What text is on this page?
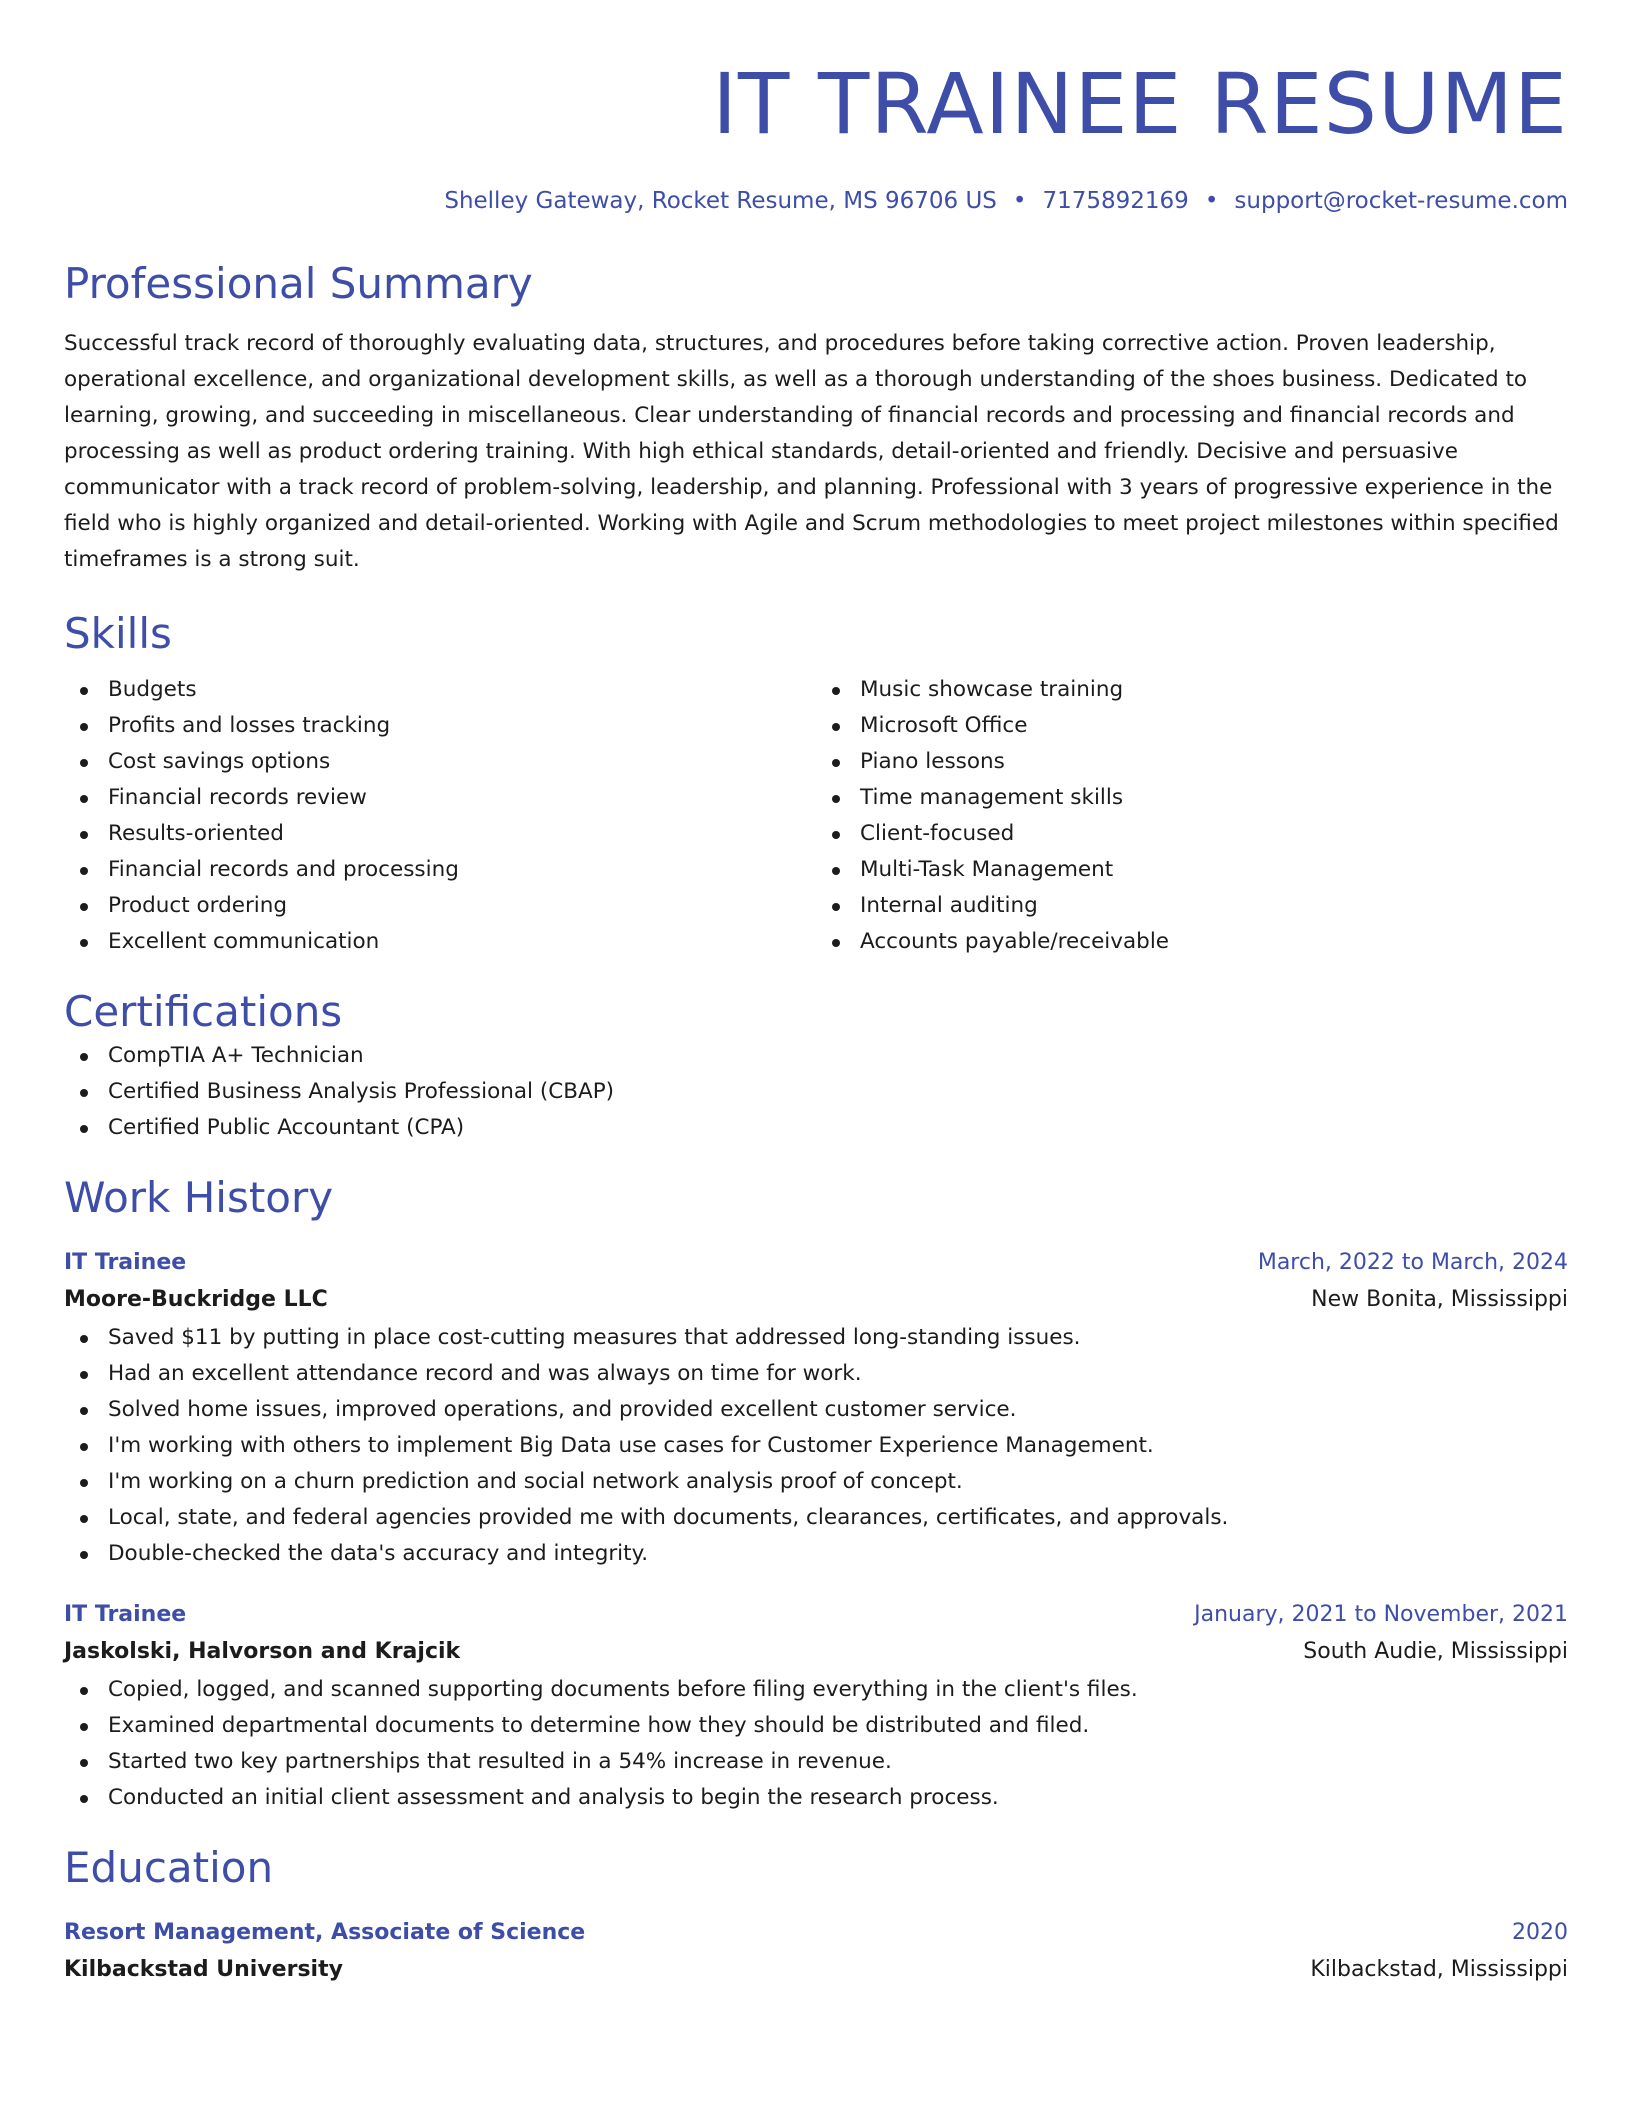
IT TRAINEE RESUME
Shelley Gateway, Rocket Resume, MS 96706 US • 7175892169 • support@rocket-resume.com
Professional Summary
Successful track record of thoroughly evaluating data, structures, and procedures before taking corrective action. Proven leadership, operational excellence, and organizational development skills, as well as a thorough understanding of the shoes business. Dedicated to learning, growing, and succeeding in miscellaneous. Clear understanding of financial records and processing and financial records and processing as well as product ordering training. With high ethical standards, detail-oriented and friendly. Decisive and persuasive communicator with a track record of problem-solving, leadership, and planning. Professional with 3 years of progressive experience in the field who is highly organized and detail-oriented. Working with Agile and Scrum methodologies to meet project milestones within specified timeframes is a strong suit.
Skills
Budgets
Profits and losses tracking
Cost savings options
Financial records review
Results-oriented
Financial records and processing
Product ordering
Excellent communication
Music showcase training
Microsoft Office
Piano lessons
Time management skills
Client-focused
Multi-Task Management
Internal auditing
Accounts payable/receivable
Certifications
CompTIA A+ Technician
Certified Business Analysis Professional (CBAP)
Certified Public Accountant (CPA)
Work History
IT Trainee	March, 2022 to March, 2024
Moore-Buckridge LLC	New Bonita, Mississippi
Saved $11 by putting in place cost-cutting measures that addressed long-standing issues.
Had an excellent attendance record and was always on time for work.
Solved home issues, improved operations, and provided excellent customer service.
I'm working with others to implement Big Data use cases for Customer Experience Management.
I'm working on a churn prediction and social network analysis proof of concept.
Local, state, and federal agencies provided me with documents, clearances, certificates, and approvals.
Double-checked the data's accuracy and integrity.
IT Trainee	January, 2021 to November, 2021
Jaskolski, Halvorson and Krajcik	South Audie, Mississippi
Copied, logged, and scanned supporting documents before filing everything in the client's files.
Examined departmental documents to determine how they should be distributed and filed.
Started two key partnerships that resulted in a 54% increase in revenue.
Conducted an initial client assessment and analysis to begin the research process.
Education
Resort Management, Associate of Science	2020
Kilbackstad University	Kilbackstad, Mississippi
